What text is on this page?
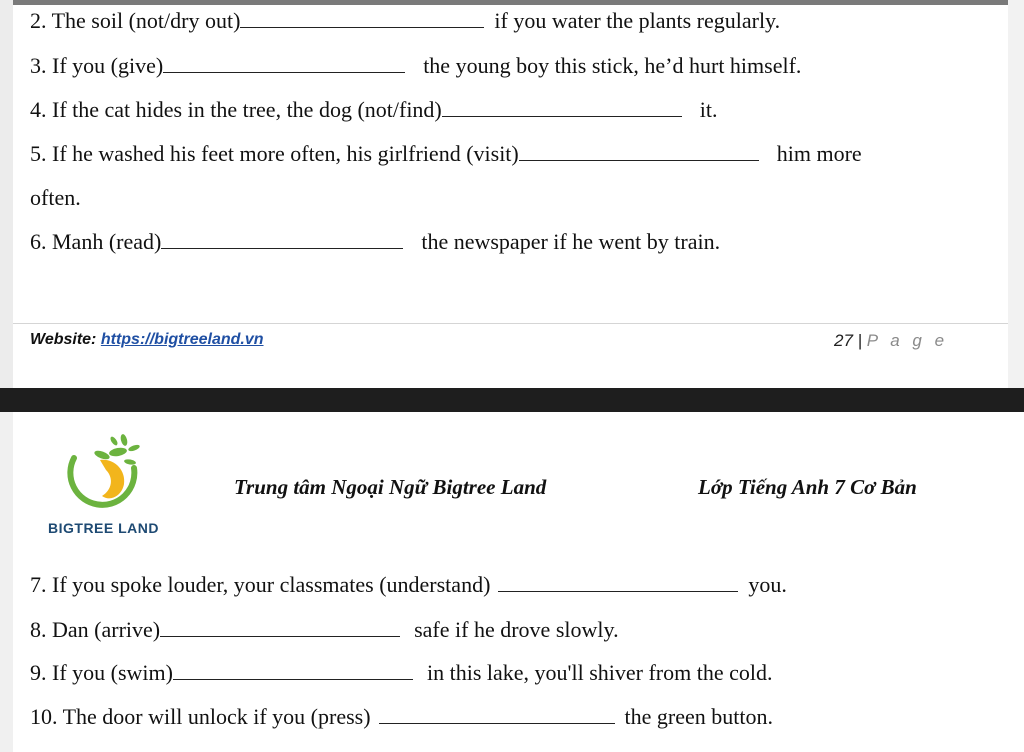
2. The soil (not/dry out)	if you water the plants regularly.
3. If you (give)	the young boy this stick, he’d hurt himself.
4. If the cat hides in the tree, the dog (not/find)	it.
5. If he washed his feet more often, his girlfriend (visit)	him more
often.
6. Manh (read)	the newspaper if he went by train.
Website: https://bigtreeland.vn	27 | P a g e
BIGTREE LAND
Trung tâm Ngoại Ngữ Bigtree Land	Lớp Tiếng Anh 7 Cơ Bản
7. If you spoke louder, your classmates (understand)	you.
8. Dan (arrive)	safe if he drove slowly.
9. If you (swim)	in this lake, you'll shiver from the cold.
10. The door will unlock if you (press)	the green button.
